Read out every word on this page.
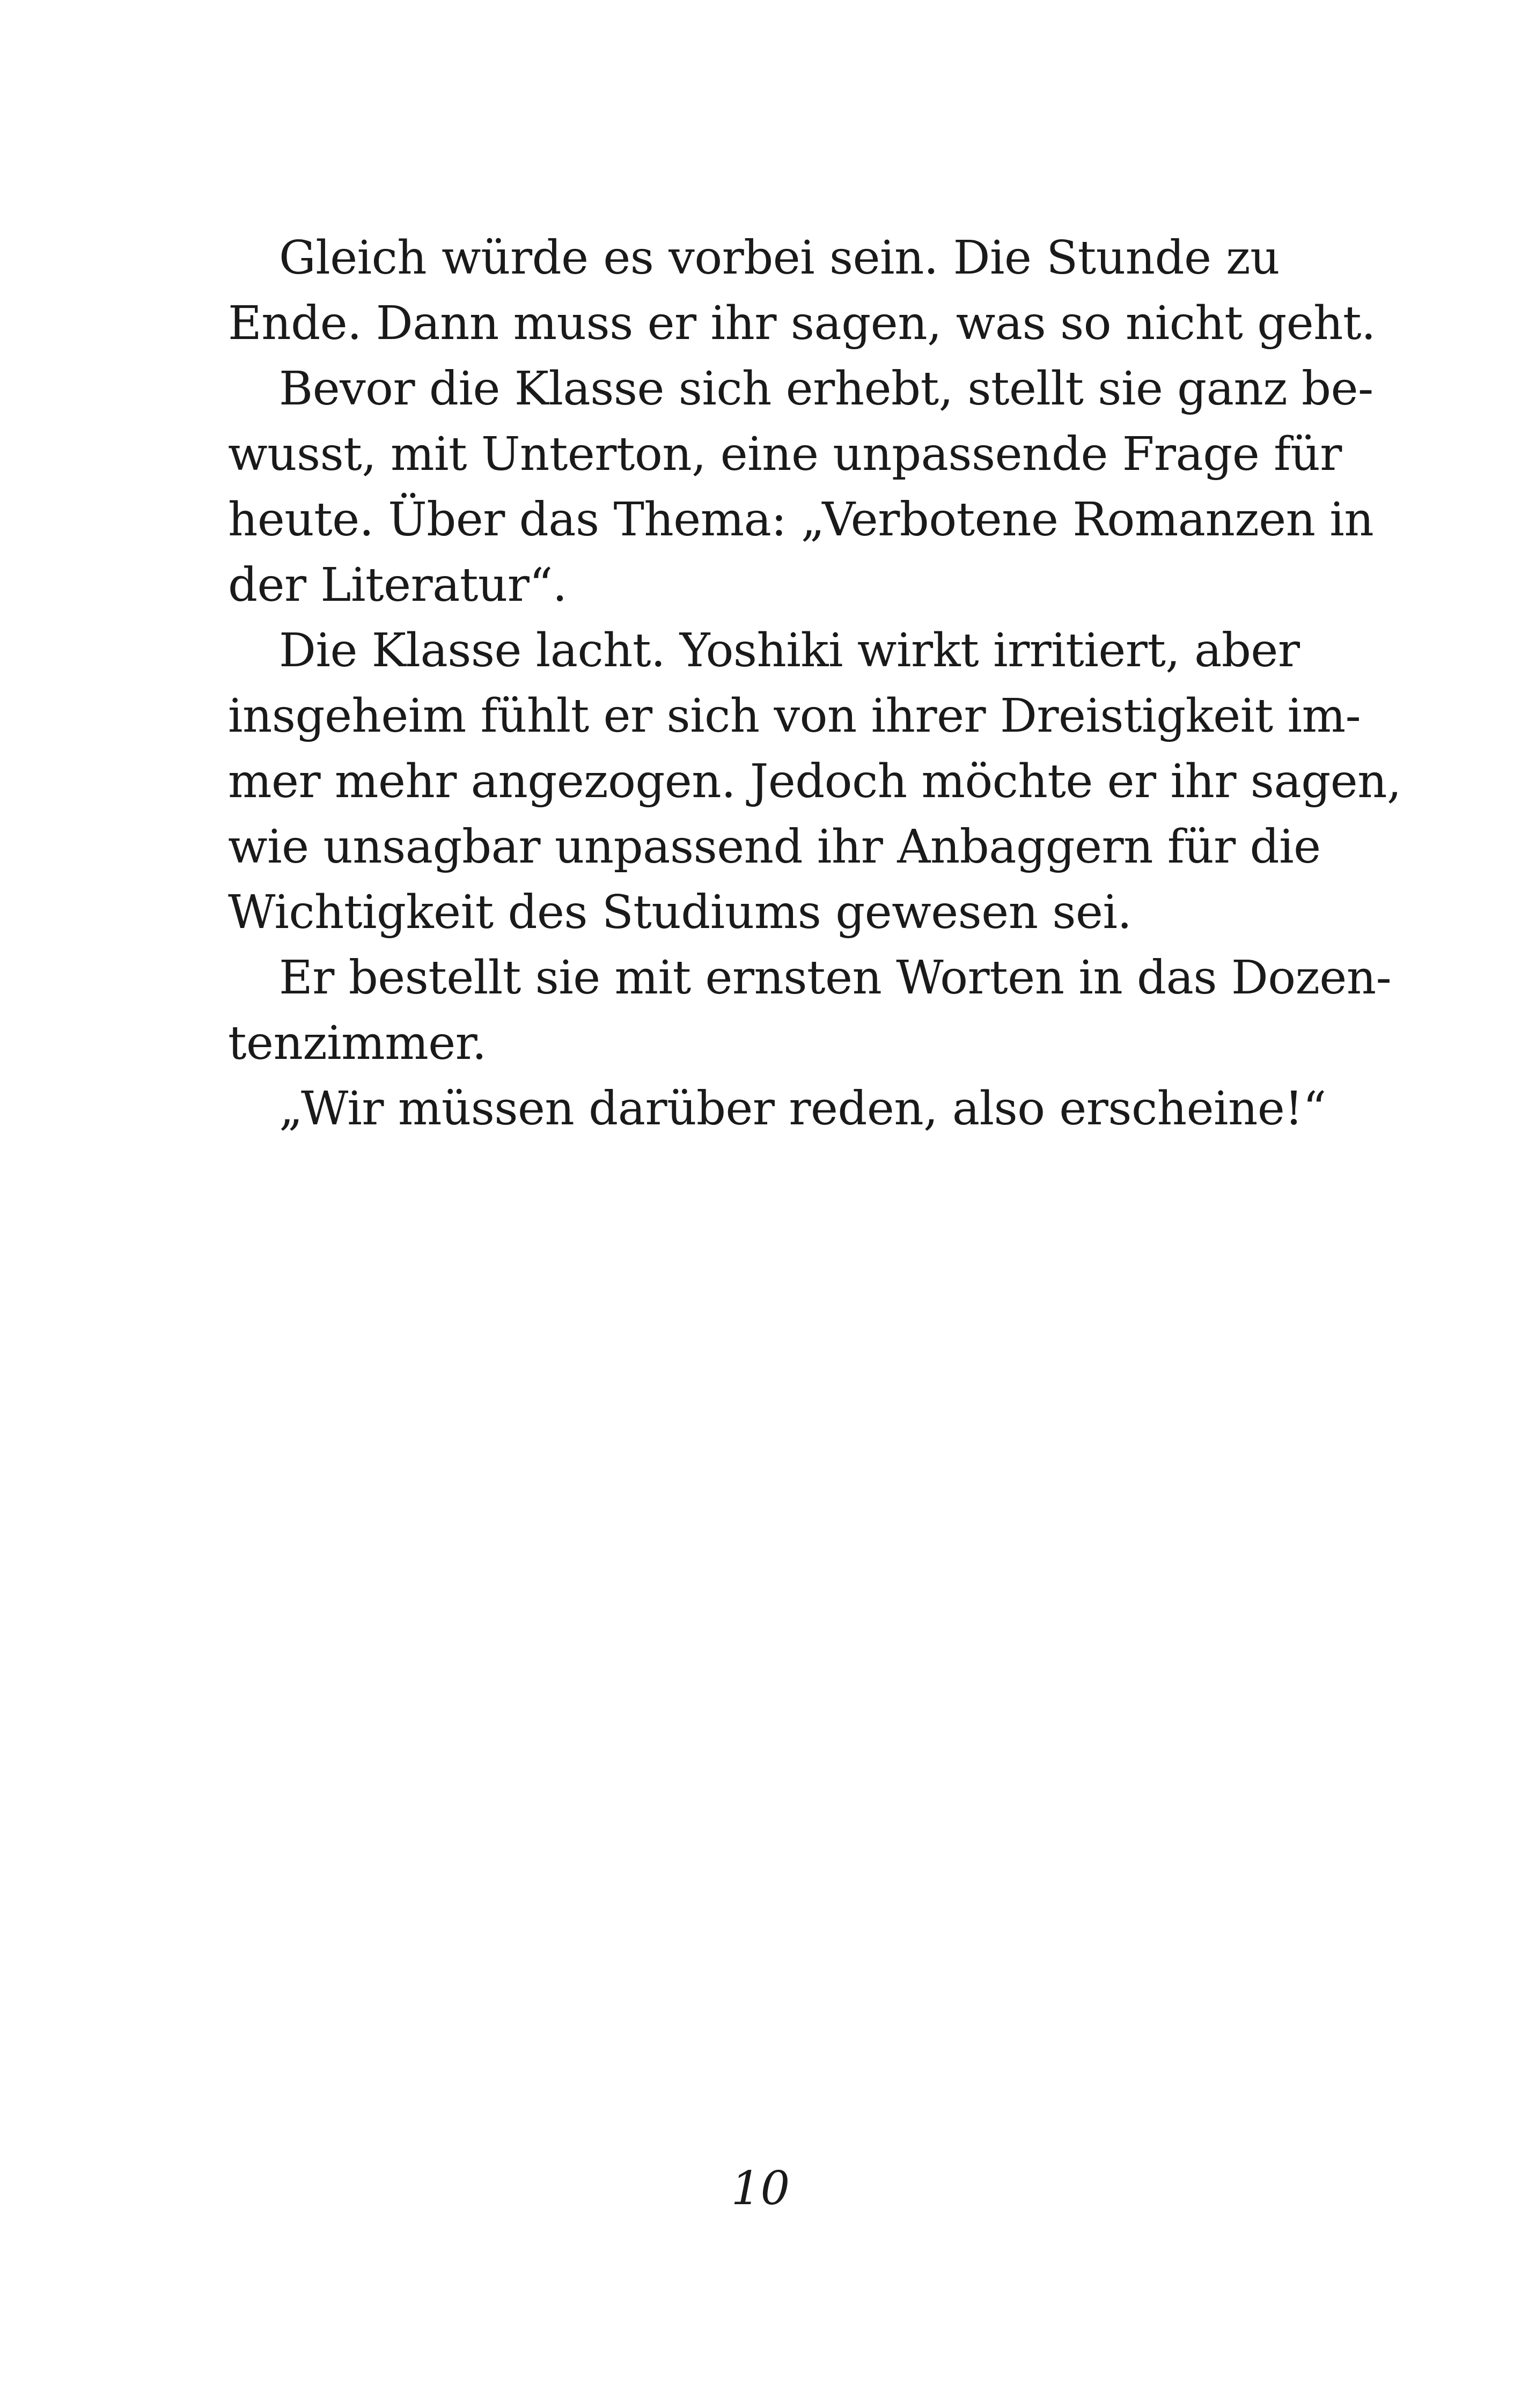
Gleich würde es vorbei sein. Die Stunde zu
Ende. Dann muss er ihr sagen, was so nicht geht.
Bevor die Klasse sich erhebt, stellt sie ganz be-
wusst, mit Unterton, eine unpassende Frage für
heute. Über das Thema: „Verbotene Romanzen in
der Literatur“.
Die Klasse lacht. Yoshiki wirkt irritiert, aber
insgeheim fühlt er sich von ihrer Dreistigkeit im-
mer mehr angezogen. Jedoch möchte er ihr sagen,
wie unsagbar unpassend ihr Anbaggern für die
Wichtigkeit des Studiums gewesen sei.
Er bestellt sie mit ernsten Worten in das Dozen-
tenzimmer.
„Wir müssen darüber reden, also erscheine!“
10
